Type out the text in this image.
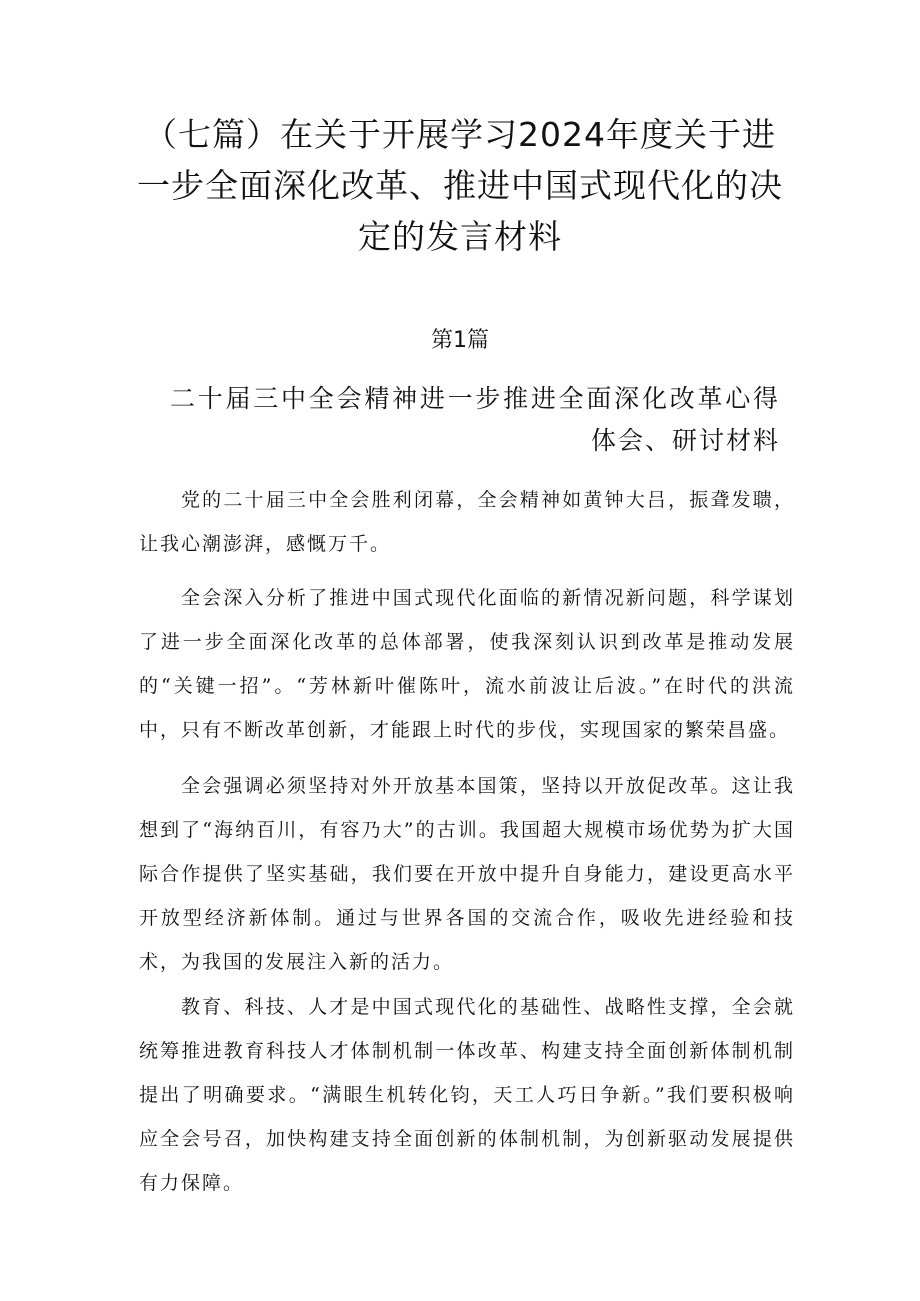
（七篇）在关于开展学习2024年度关于进一步全面深化改革、推进中国式现代化的决定的发言材料
第1篇
二十届三中全会精神进一步推进全面深化改革心得体会、研讨材料

党的二十届三中全会胜利闭幕，全会精神如黄钟大吕，振聋发聩，让我心潮澎湃，感慨万千。

全会深入分析了推进中国式现代化面临的新情况新问题，科学谋划了进一步全面深化改革的总体部署，使我深刻认识到改革是推动发展的“关键一招”。“芳林新叶催陈叶，流水前波让后波。”在时代的洪流中，只有不断改革创新，才能跟上时代的步伐，实现国家的繁荣昌盛。

全会强调必须坚持对外开放基本国策，坚持以开放促改革。这让我想到了“海纳百川，有容乃大”的古训。我国超大规模市场优势为扩大国际合作提供了坚实基础，我们要在开放中提升自身能力，建设更高水平开放型经济新体制。通过与世界各国的交流合作，吸收先进经验和技术，为我国的发展注入新的活力。

教育、科技、人才是中国式现代化的基础性、战略性支撑，全会就统筹推进教育科技人才体制机制一体改革、构建支持全面创新体制机制提出了明确要求。“满眼生机转化钧，天工人巧日争新。”我们要积极响应全会号召，加快构建支持全面创新的体制机制，为创新驱动发展提供有力保障。
